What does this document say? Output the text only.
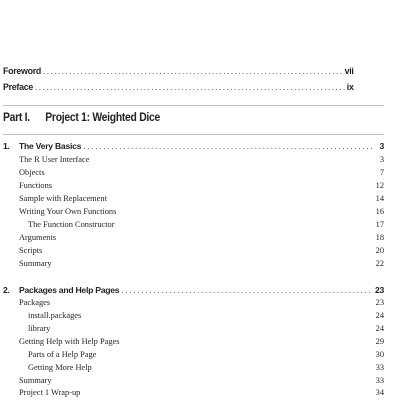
Foreword .....	vii
Preface .....	ix
Part I.	Project 1: Weighted Dice
1.	The Very Basics .....	3
The R User Interface	3
Objects	7
Functions	12
Sample with Replacement	14
Writing Your Own Functions	16
The Function Constructor	17
Arguments	18
Scripts	20
Summary	22
2.	Packages and Help Pages .....	23
Packages	23
install.packages	24
library	24
Getting Help with Help Pages	29
Parts of a Help Page	30
Getting More Help	33
Summary	33
Project 1 Wrap-up	34
